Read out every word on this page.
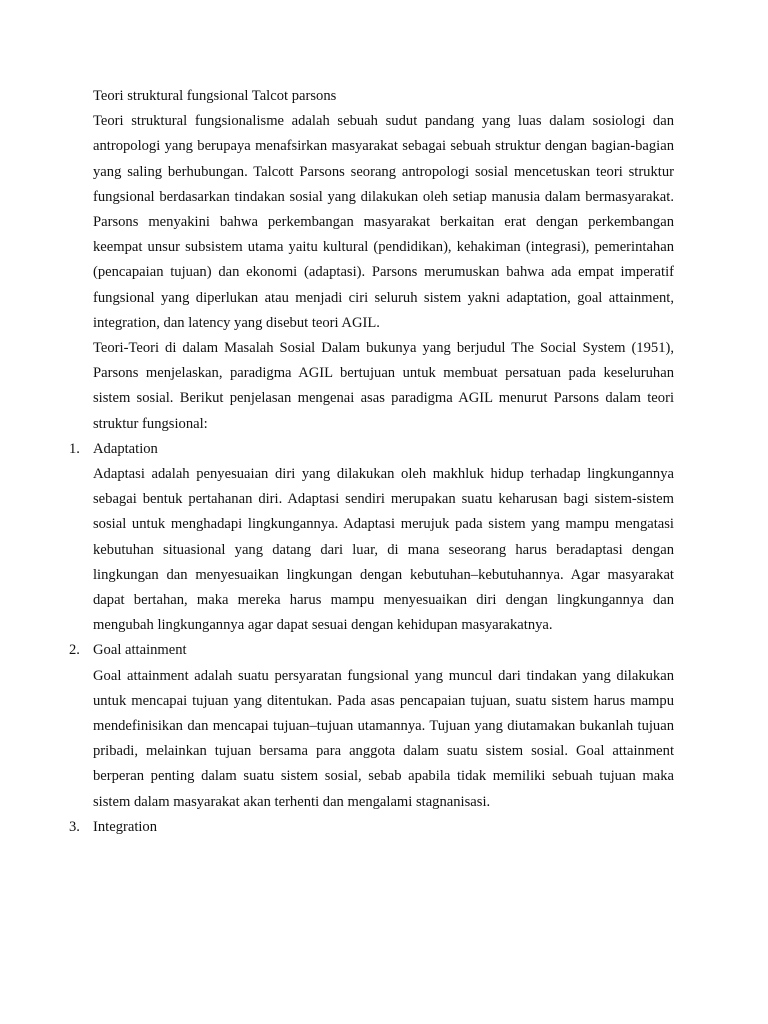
Teori struktural fungsional Talcot parsons

Teori struktural fungsionalisme adalah sebuah sudut pandang yang luas dalam sosiologi dan antropologi yang berupaya menafsirkan masyarakat sebagai sebuah struktur dengan bagian-bagian yang saling berhubungan. Talcott Parsons seorang antropologi sosial mencetuskan teori struktur fungsional berdasarkan tindakan sosial yang dilakukan oleh setiap manusia dalam bermasyarakat. Parsons menyakini bahwa perkembangan masyarakat berkaitan erat dengan perkembangan keempat unsur subsistem utama yaitu kultural (pendidikan), kehakiman (integrasi), pemerintahan (pencapaian tujuan) dan ekonomi (adaptasi). Parsons merumuskan bahwa ada empat imperatif fungsional yang diperlukan atau menjadi ciri seluruh sistem yakni adaptation, goal attainment, integration, dan latency yang disebut teori AGIL.

Teori-Teori di dalam Masalah Sosial Dalam bukunya yang berjudul The Social System (1951), Parsons menjelaskan, paradigma AGIL bertujuan untuk membuat persatuan pada keseluruhan sistem sosial. Berikut penjelasan mengenai asas paradigma AGIL menurut Parsons dalam teori struktur fungsional:

1. Adaptation

Adaptasi adalah penyesuaian diri yang dilakukan oleh makhluk hidup terhadap lingkungannya sebagai bentuk pertahanan diri. Adaptasi sendiri merupakan suatu keharusan bagi sistem-sistem sosial untuk menghadapi lingkungannya. Adaptasi merujuk pada sistem yang mampu mengatasi kebutuhan situasional yang datang dari luar, di mana seseorang harus beradaptasi dengan lingkungan dan menyesuaikan lingkungan dengan kebutuhan–kebutuhannya. Agar masyarakat dapat bertahan, maka mereka harus mampu menyesuaikan diri dengan lingkungannya dan mengubah lingkungannya agar dapat sesuai dengan kehidupan masyarakatnya.

2. Goal attainment

Goal attainment adalah suatu persyaratan fungsional yang muncul dari tindakan yang dilakukan untuk mencapai tujuan yang ditentukan. Pada asas pencapaian tujuan, suatu sistem harus mampu mendefinisikan dan mencapai tujuan–tujuan utamannya. Tujuan yang diutamakan bukanlah tujuan pribadi, melainkan tujuan bersama para anggota dalam suatu sistem sosial. Goal attainment berperan penting dalam suatu sistem sosial, sebab apabila tidak memiliki sebuah tujuan maka sistem dalam masyarakat akan terhenti dan mengalami stagnanisasi.

3. Integration
